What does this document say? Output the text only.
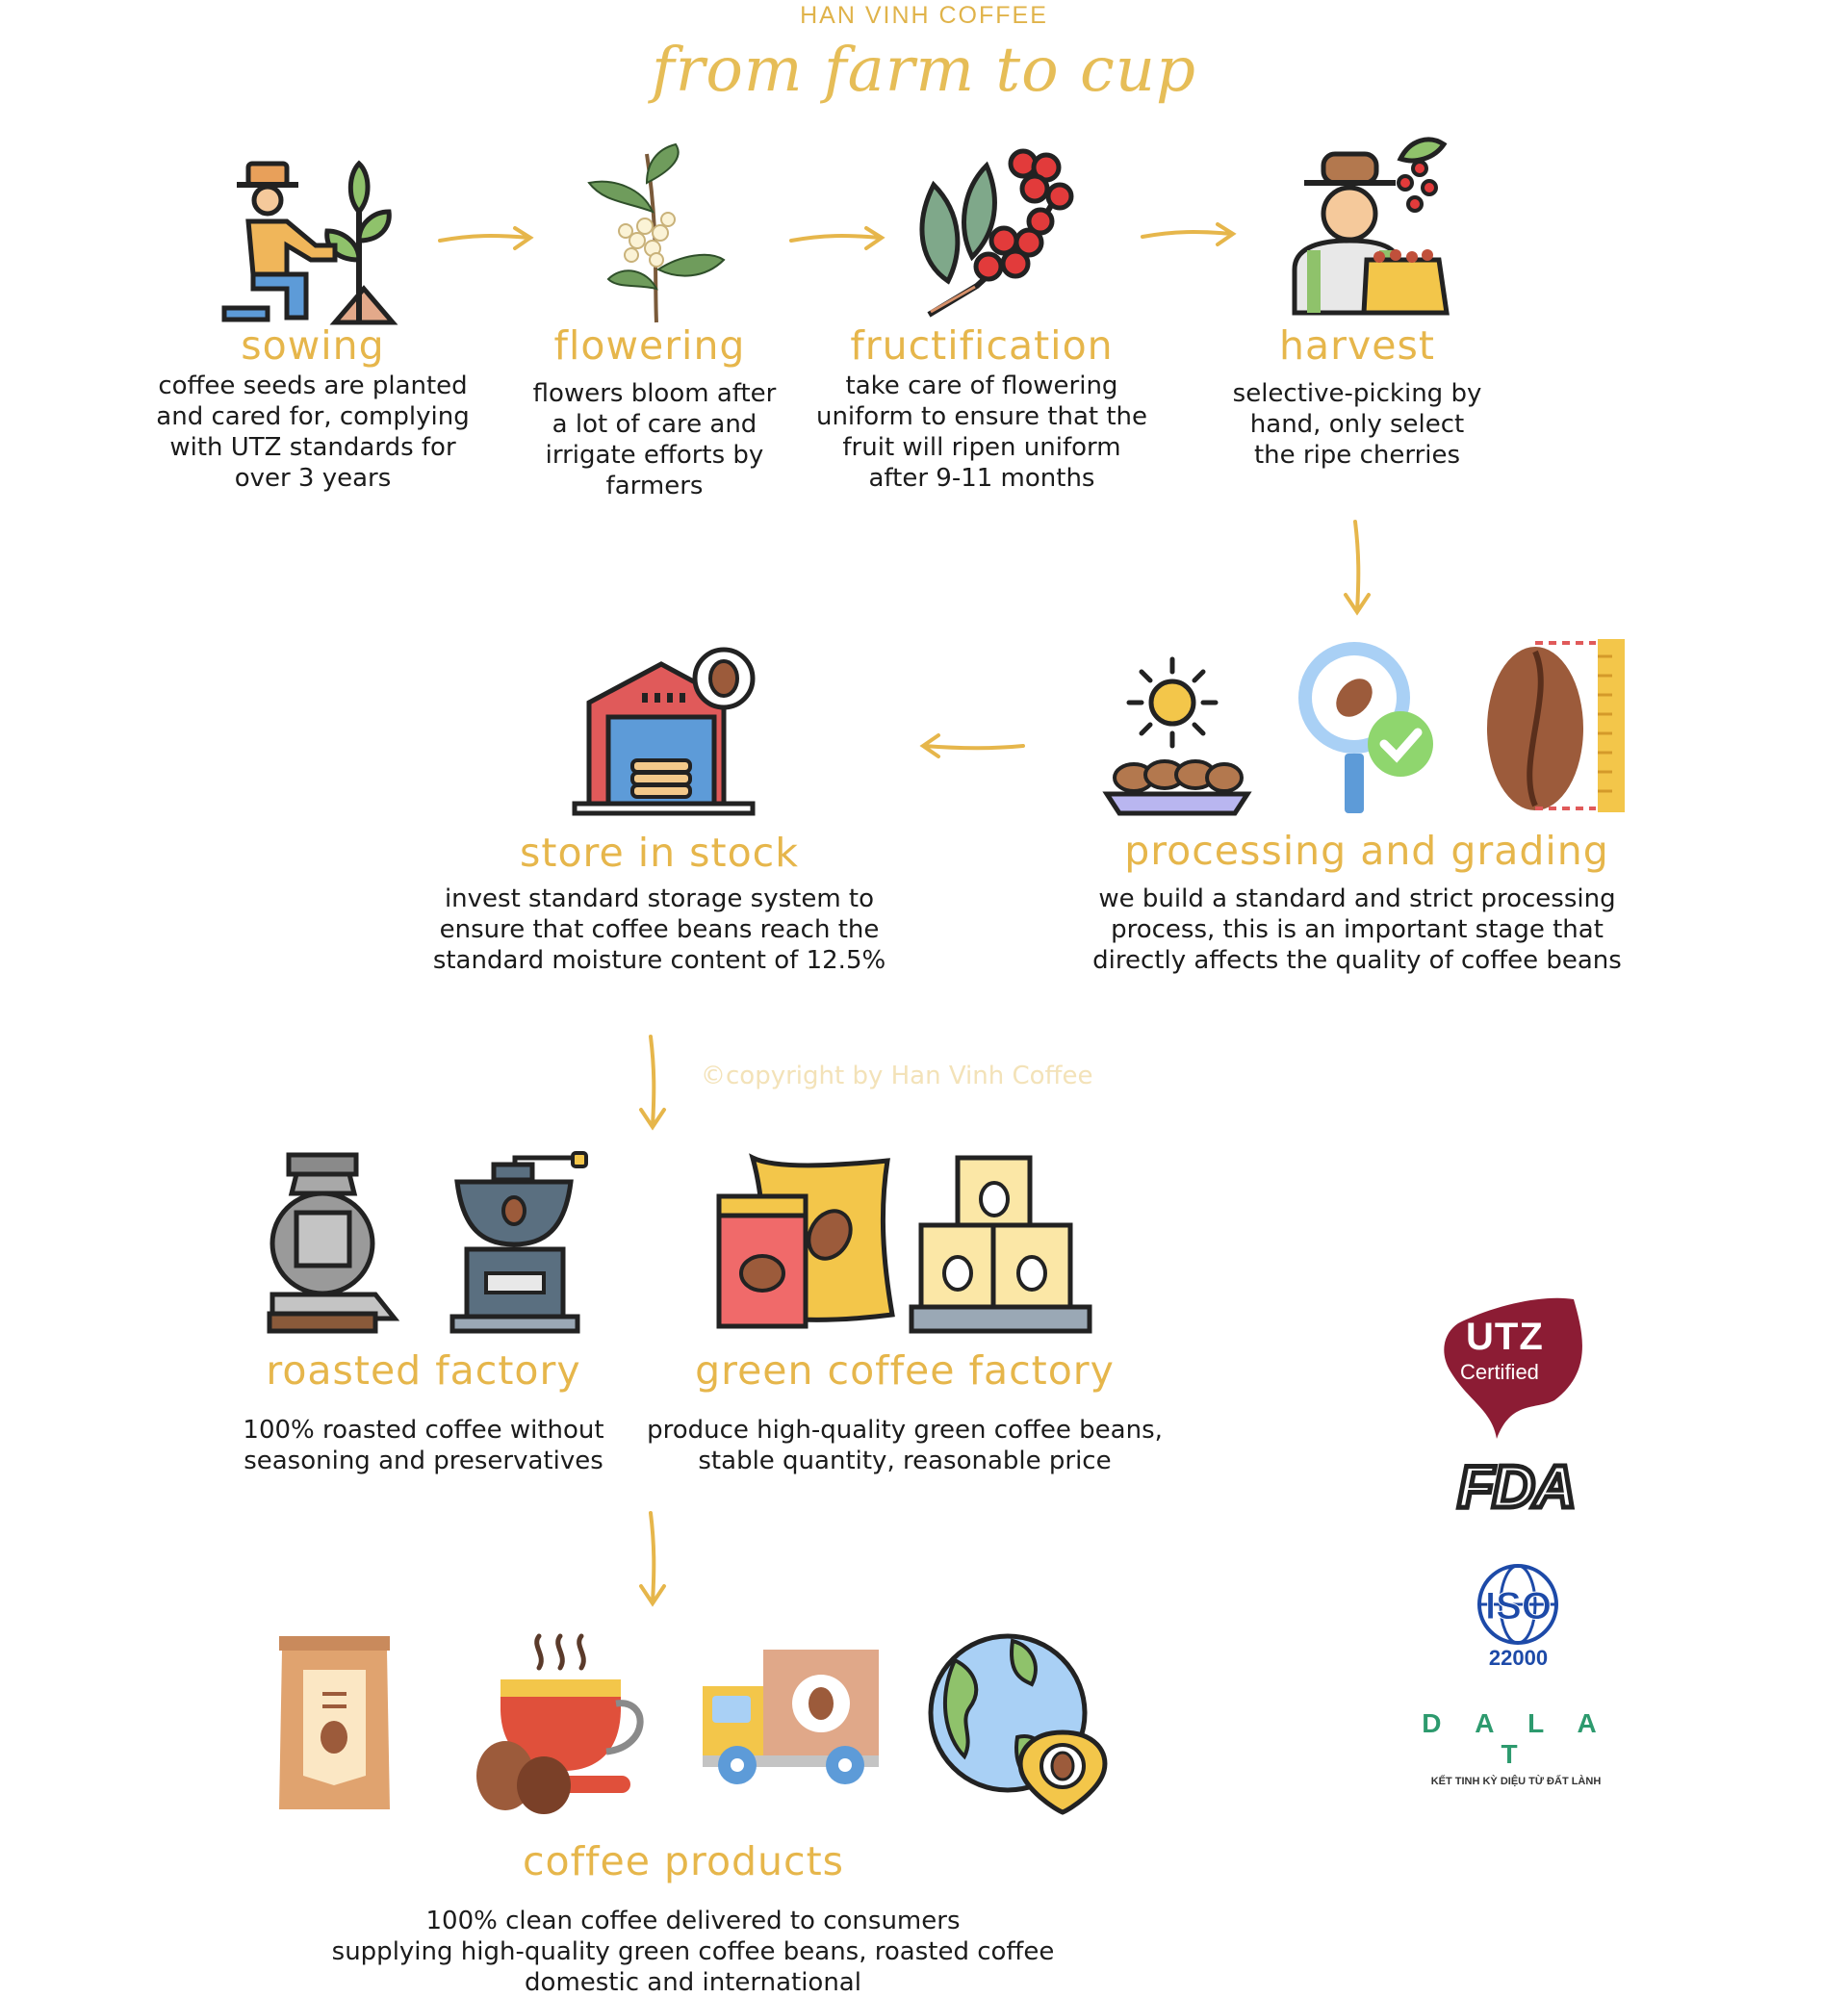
HAN VINH COFFEE
from farm to cup
sowing
coffee seeds are planted
and cared for, complying
with UTZ standards for
over 3 years
flowering
flowers bloom after
a lot of care and
irrigate efforts by
farmers
fructification
take care of flowering
uniform to ensure that the
fruit will ripen uniform
after 9-11 months
harvest
selective-picking by
hand, only select
the ripe cherries
store in stock
invest standard storage system to
ensure that coffee beans reach the
standard moisture content of 12.5%
processing and grading
we build a standard and strict processing
process, this is an important stage that
directly affects the quality of coffee beans
©copyright by Han Vinh Coffee
roasted factory
100% roasted coffee without
seasoning and preservatives
green coffee factory
produce high-quality green coffee beans,
stable quantity, reasonable price
coffee products
100% clean coffee delivered to consumers
supplying high-quality green coffee beans, roasted coffee
domestic and international
UTZ
Certified
FDA
ISO
22000
D A L A T
KẾT TINH KỲ DIỆU TỪ ĐẤT LÀNH
